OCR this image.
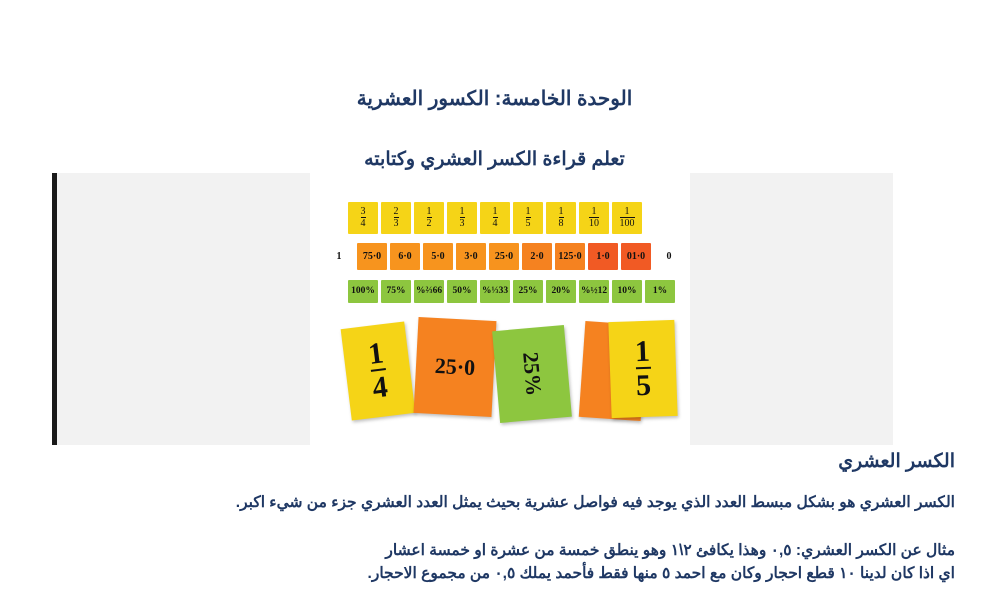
الوحدة الخامسة: الكسور العشرية
تعلم قراءة الكسر العشري وكتابته
$\frac{1}{100}$
$\frac{1}{10}$
$\frac{1}{8}$
$\frac{1}{5}$
$\frac{1}{4}$
$\frac{1}{3}$
$\frac{1}{2}$
$\frac{2}{3}$
$\frac{3}{4}$
0
0·01
0·1
0·125
0·2
0·25
0·3
0·5
0·6
0·75
1
1%
10%
12½%
20%
25%
33⅓%
50%
66⅔%
75%
100%
$\frac{1}{4}$	0·25	25%	$\frac{1}{5}$
الكسر العشري
الكسر العشري هو بشكل مبسط العدد الذي يوجد فيه فواصل عشرية بحيث يمثل العدد العشري جزء من شيء اكبر.
مثال عن الكسر العشري: ٠,٥ وهذا يكافئ ٢\١ وهو ينطق خمسة من عشرة او خمسة اعشار
اي اذا كان لدينا ١٠ قطع احجار وكان مع احمد ٥ منها فقط فأحمد يملك ٠,٥ من مجموع الاحجار.
